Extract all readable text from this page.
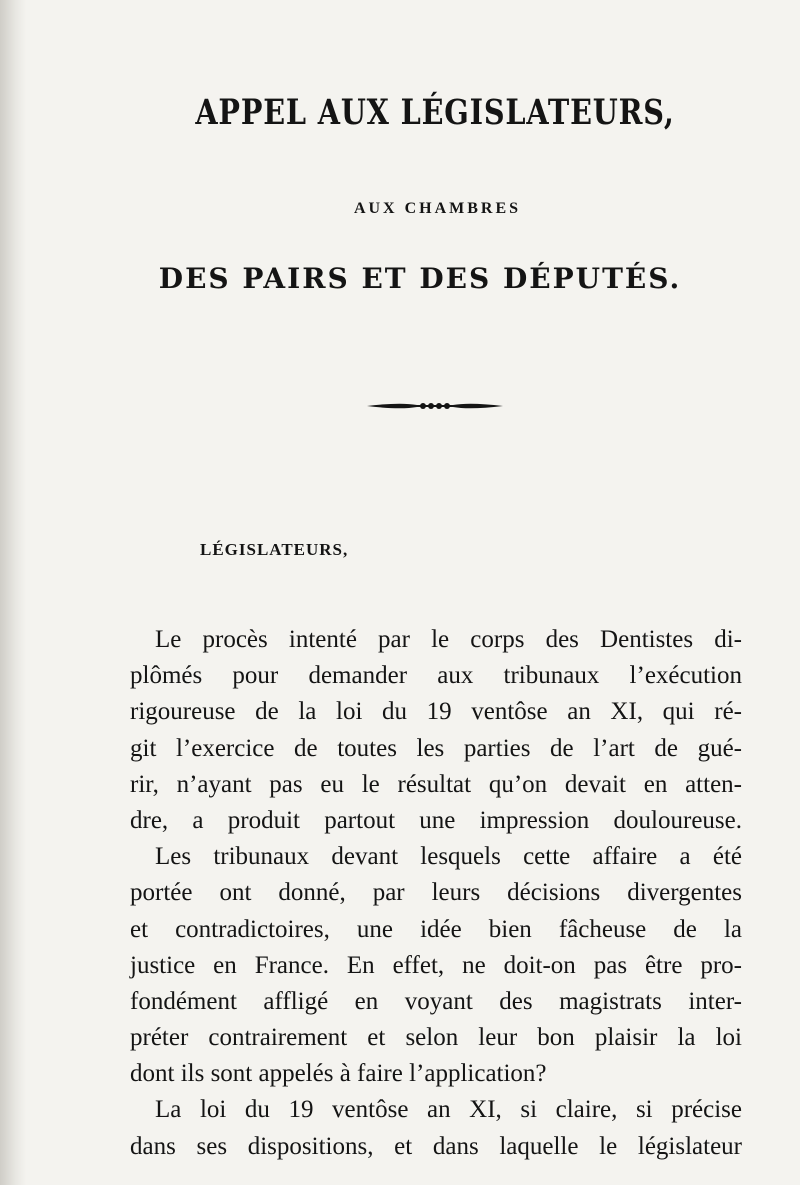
APPEL AUX LÉGISLATEURS,
AUX CHAMBRES
DES PAIRS ET DES DÉPUTÉS.
LÉGISLATEURS,
Le procès intenté par le corps des Dentistes di-
plômés pour demander aux tribunaux l’exécution
rigoureuse de la loi du 19 ventôse an XI, qui ré-
git l’exercice de toutes les parties de l’art de gué-
rir, n’ayant pas eu le résultat qu’on devait en atten-
dre, a produit partout une impression douloureuse.
Les tribunaux devant lesquels cette affaire a été
portée ont donné, par leurs décisions divergentes
et contradictoires, une idée bien fâcheuse de la
justice en France. En effet, ne doit-on pas être pro-
fondément affligé en voyant des magistrats inter-
préter contrairement et selon leur bon plaisir la loi
dont ils sont appelés à faire l’application?
La loi du 19 ventôse an XI, si claire, si précise
dans ses dispositions, et dans laquelle le législateur
